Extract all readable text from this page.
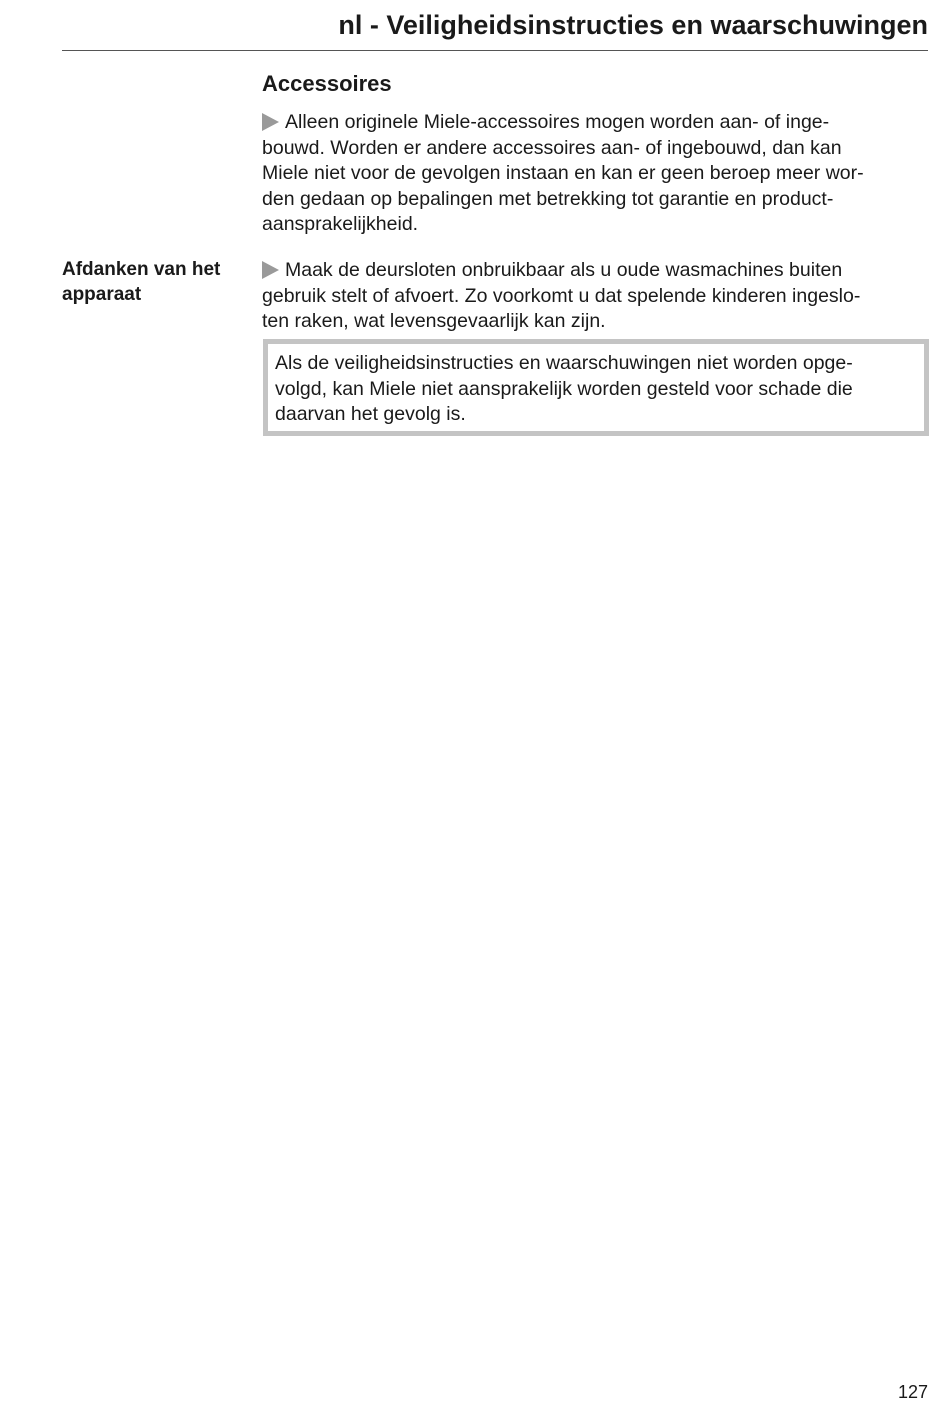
nl - Veiligheidsinstructies en waarschuwingen
Accessoires
Alleen originele Miele-accessoires mogen worden aan- of inge-
bouwd. Worden er andere accessoires aan- of ingebouwd, dan kan
Miele niet voor de gevolgen instaan en kan er geen beroep meer wor-
den gedaan op bepalingen met betrekking tot garantie en product-
aansprakelijkheid.
Afdanken van het
apparaat
Maak de deursloten onbruikbaar als u oude wasmachines buiten
gebruik stelt of afvoert. Zo voorkomt u dat spelende kinderen ingeslo-
ten raken, wat levensgevaarlijk kan zijn.
Als de veiligheidsinstructies en waarschuwingen niet worden opge-
volgd, kan Miele niet aansprakelijk worden gesteld voor schade die
daarvan het gevolg is.
127
